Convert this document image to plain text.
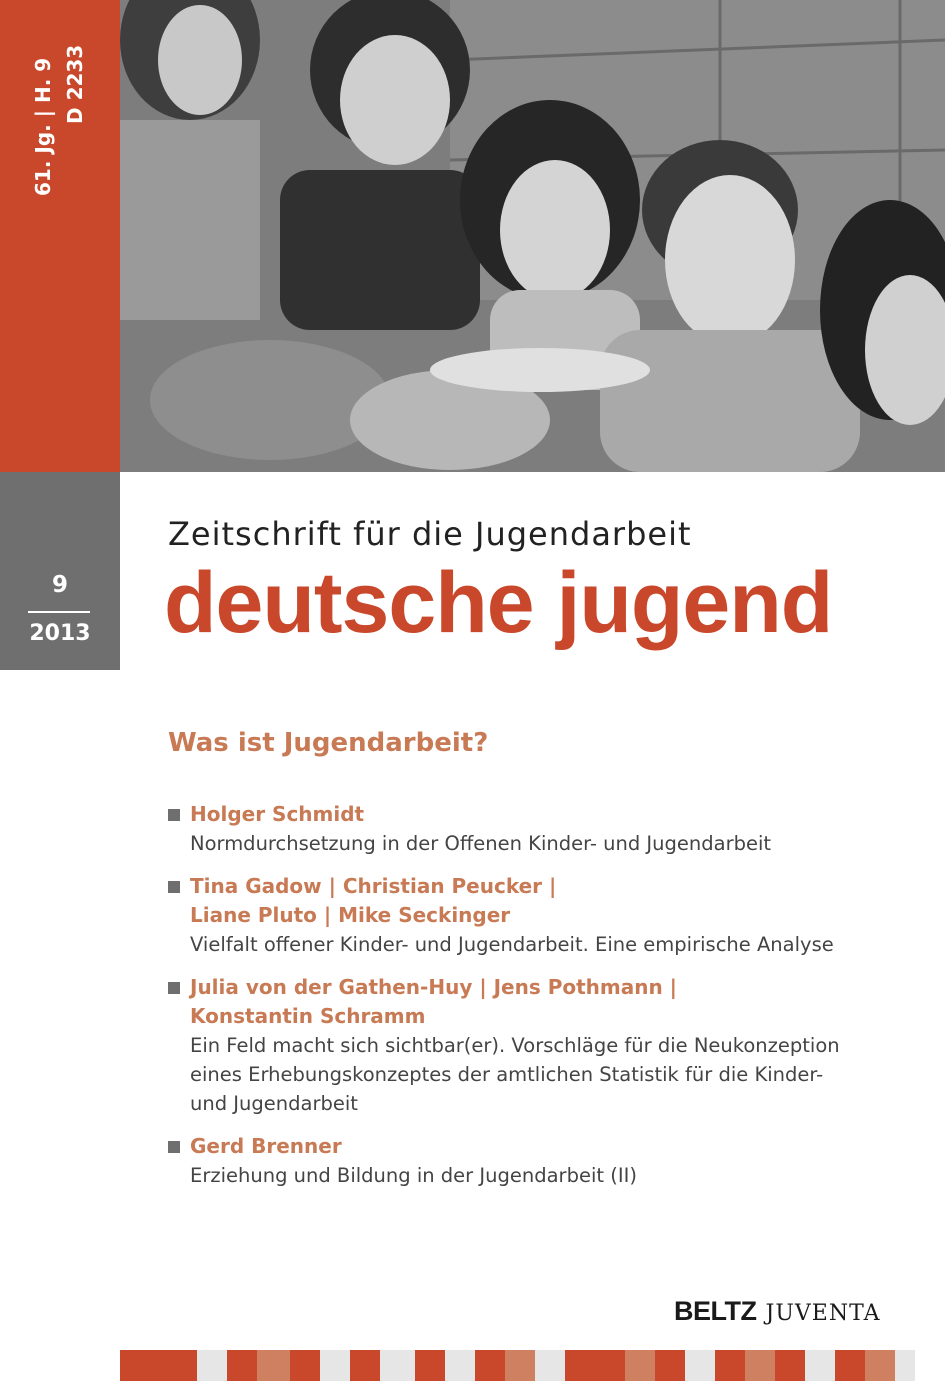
61. Jg. | H. 9 D 2233
9
2013
Zeitschrift für die Jugendarbeit
deutsche jugend
Was ist Jugendarbeit?
Holger Schmidt
Normdurchsetzung in der Offenen Kinder- und Jugendarbeit
Tina Gadow | Christian Peucker |
Liane Pluto | Mike Seckinger
Vielfalt offener Kinder- und Jugendarbeit. Eine empirische Analyse
Julia von der Gathen-Huy | Jens Pothmann |
Konstantin Schramm
Ein Feld macht sich sichtbar(er). Vorschläge für die Neukonzeption eines Erhebungskonzeptes der amtlichen Statistik für die Kinder- und Jugendarbeit
Gerd Brenner
Erziehung und Bildung in der Jugendarbeit (II)
BELTZ JUVENTA
